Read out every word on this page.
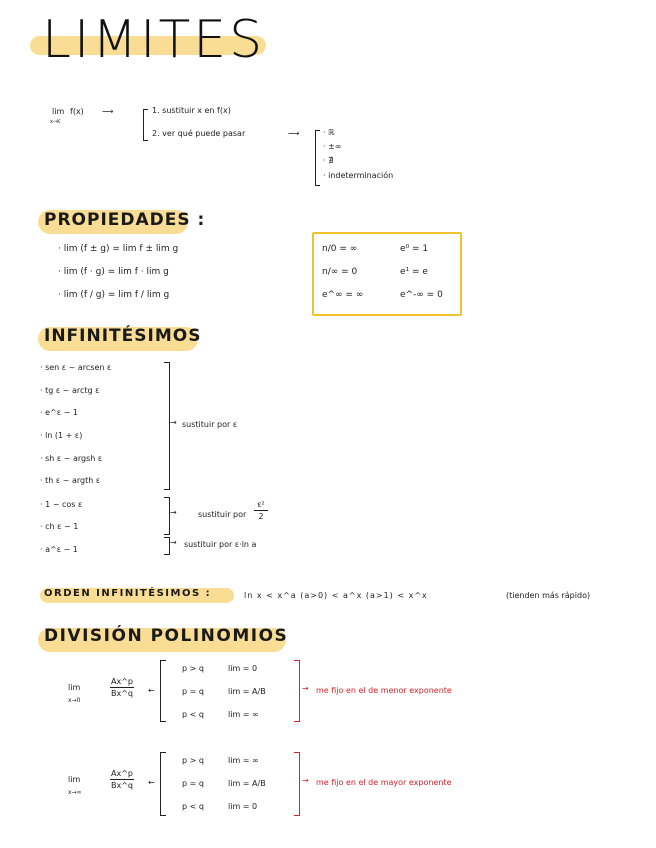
LIMITES
lim
x→K
f(x) ⟶	1. sustituir x en f(x)
2. ver qué puede pasar	⟶	· ℝ
· ±∞
· ∄
· indeterminación
PROPIEDADES :
· lim (f ± g) = lim f ± lim g
· lim (f · g) = lim f · lim g
· lim (f / g) = lim f / lim g
n/0 = ∞	e⁰ = 1
n/∞ = 0	e¹ = e
e^∞ = ∞	e^-∞ = 0
INFINITÉSIMOS
· sen ε ~ arcsen ε
· tg ε ~ arctg ε
· e^ε − 1
· ln (1 + ε)
· sh ε ~ argsh ε
· th ε ~ argth ε
→ sustituir por ε
· 1 − cos ε
· ch ε − 1
→	sustituir por
ε²
2
· a^ε − 1
→ sustituir por ε·ln a
ORDEN INFINITÉSIMOS :	ln x < x^a (a>0) < a^x (a>1) < x^x	(tienden más rápido)
DIVISIÓN POLINOMIOS
lim
x→0
Ax^p
Bx^q ←
p > q	lim = 0
p = q	lim = A/B
p < q	lim = ∞
→ me fijo en el de menor exponente
lim
x→∞
Ax^p
Bx^q ←
p > q	lim = ∞
p = q	lim = A/B
p < q	lim = 0
→ me fijo en el de mayor exponente
